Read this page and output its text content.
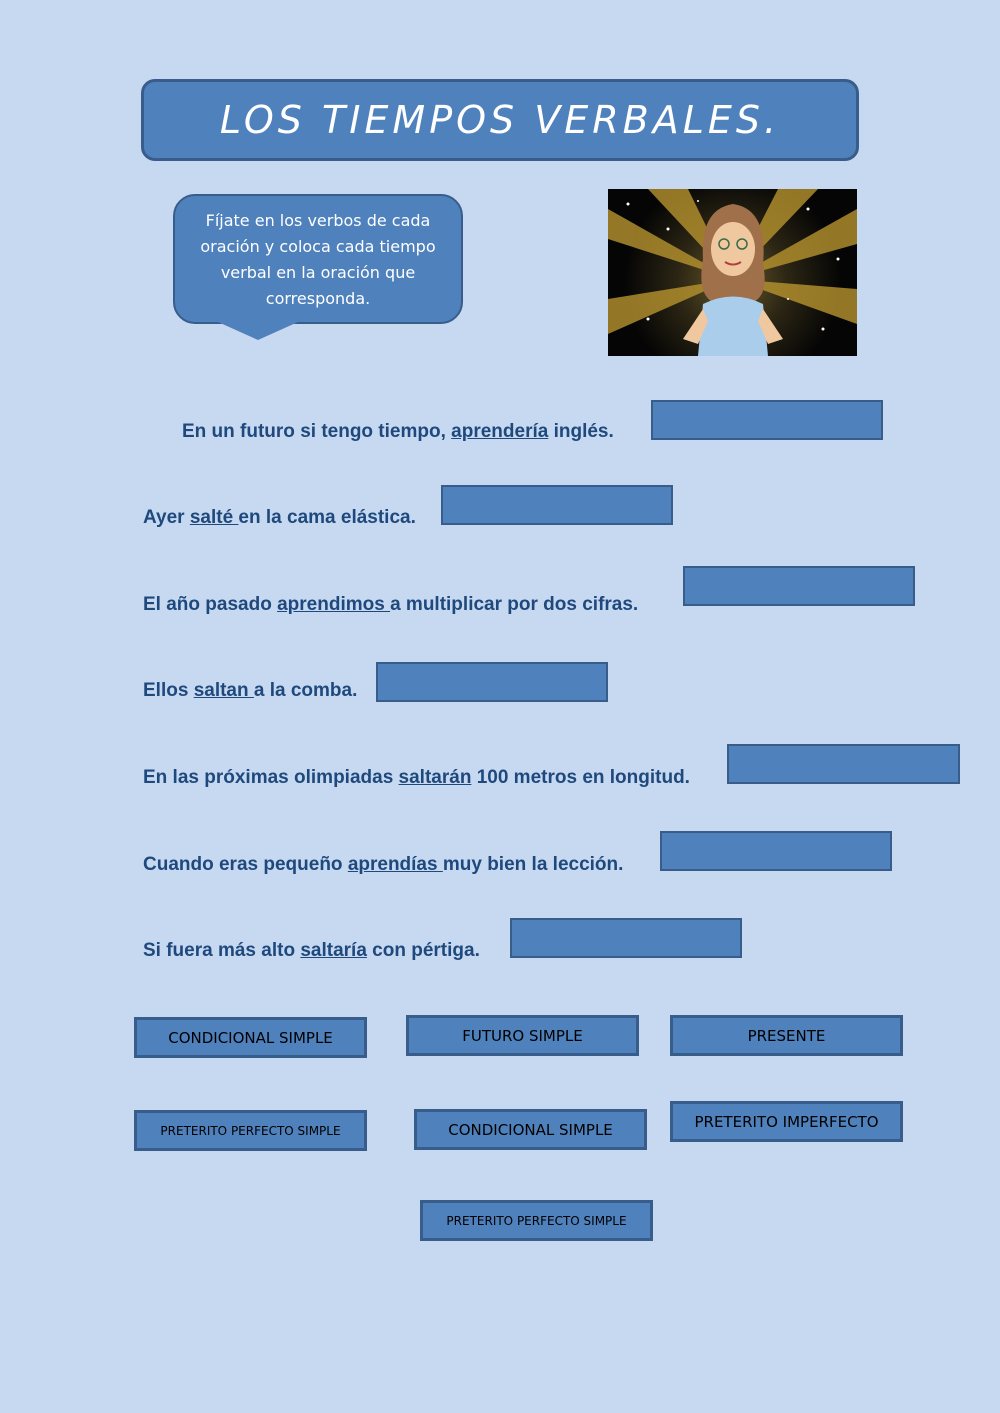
LOS TIEMPOS VERBALES.
Fíjate en los verbos de cada oración y coloca cada tiempo verbal en la oración que corresponda.
En un futuro si tengo tiempo, aprendería inglés.
Ayer salté en la cama elástica.
El año pasado aprendimos a multiplicar por dos cifras.
Ellos saltan a la comba.
En las próximas olimpiadas saltarán 100 metros en longitud.
Cuando eras pequeño aprendías muy bien la lección.
Si fuera más alto saltaría con pértiga.
CONDICIONAL SIMPLE	FUTURO SIMPLE	PRESENTE
PRETERITO PERFECTO SIMPLE	CONDICIONAL SIMPLE	PRETERITO IMPERFECTO
PRETERITO PERFECTO SIMPLE
